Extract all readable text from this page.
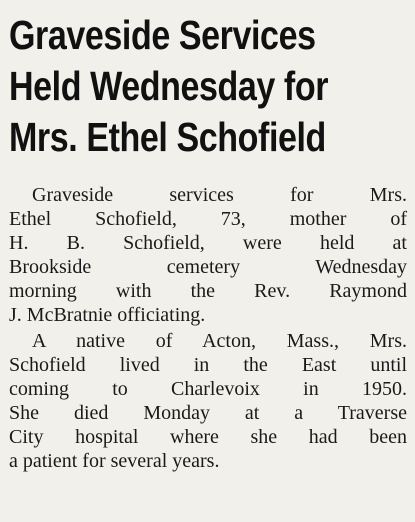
Graveside Services
Held Wednesday for
Mrs. Ethel Schofield

Graveside services for Mrs.
Ethel Schofield, 73, mother of
H. B. Schofield, were held at
Brookside cemetery Wednesday
morning with the Rev. Raymond
J. McBratnie officiating.

A native of Acton, Mass., Mrs.
Schofield lived in the East until
coming to Charlevoix in 1950.
She died Monday at a Traverse
City hospital where she had been
a patient for several years.
